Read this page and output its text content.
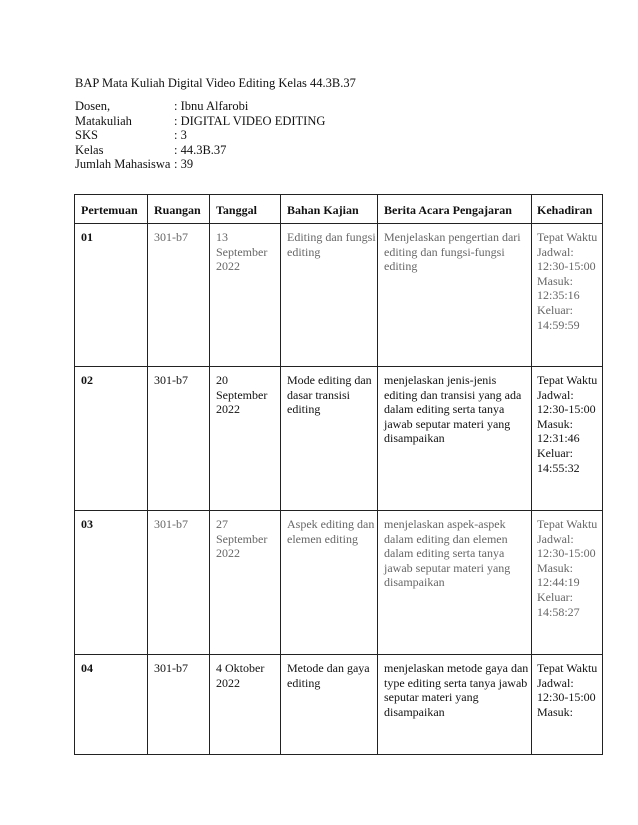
BAP Mata Kuliah Digital Video Editing Kelas 44.3B.37
Dosen,	: Ibnu Alfarobi
Matakuliah	: DIGITAL VIDEO EDITING
SKS	: 3
Kelas	: 44.3B.37
Jumlah Mahasiswa : 39
Pertemuan	Ruangan	Tanggal	Bahan Kajian	Berita Acara Pengajaran	Kehadiran
01	301-b7	13 September 2022	Editing dan fungsi editing	Menjelaskan pengertian dari editing dan fungsi-fungsi editing	Tepat Waktu Jadwal: 12:30-15:00 Masuk: 12:35:16 Keluar: 14:59:59
02	301-b7	20 September 2022	Mode editing dan dasar transisi editing	menjelaskan jenis-jenis editing dan transisi yang ada dalam editing serta tanya jawab seputar materi yang disampaikan	Tepat Waktu Jadwal: 12:30-15:00 Masuk: 12:31:46 Keluar: 14:55:32
03	301-b7	27 September 2022	Aspek editing dan elemen editing	menjelaskan aspek-aspek dalam editing dan elemen dalam editing serta tanya jawab seputar materi yang disampaikan	Tepat Waktu Jadwal: 12:30-15:00 Masuk: 12:44:19 Keluar: 14:58:27
04	301-b7	4 Oktober 2022	Metode dan gaya editing	menjelaskan metode gaya dan type editing serta tanya jawab seputar materi yang disampaikan	Tepat Waktu Jadwal: 12:30-15:00 Masuk:
